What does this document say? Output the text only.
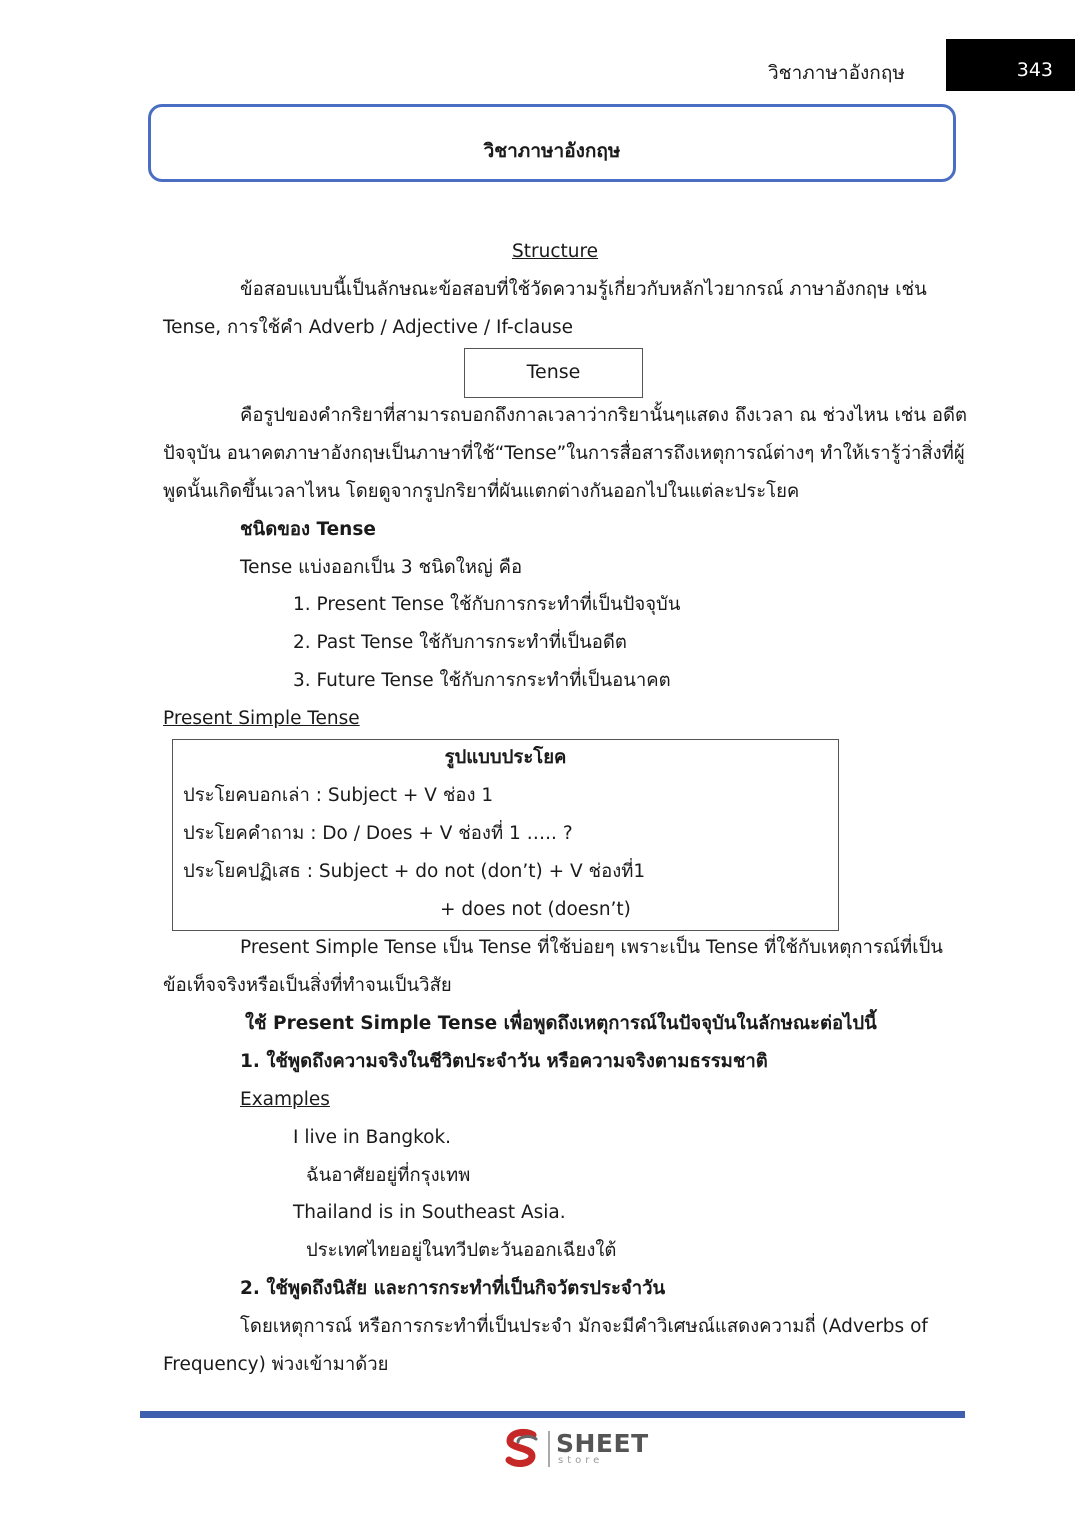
วิชาภาษาอังกฤษ	343
วิชาภาษาอังกฤษ
Structure
ข้อสอบแบบนี้เป็นลักษณะข้อสอบที่ใช้วัดความรู้เกี่ยวกับหลักไวยากรณ์ ภาษาอังกฤษ เช่น
Tense, การใช้คำ Adverb / Adjective / If-clause
Tense
คือรูปของคำกริยาที่สามารถบอกถึงกาลเวลาว่ากริยานั้นๆแสดง ถึงเวลา ณ ช่วงไหน เช่น อดีต
ปัจจุบัน อนาคตภาษาอังกฤษเป็นภาษาที่ใช้“Tense”ในการสื่อสารถึงเหตุการณ์ต่างๆ ทำให้เรารู้ว่าสิ่งที่ผู้
พูดนั้นเกิดขึ้นเวลาไหน โดยดูจากรูปกริยาที่ผันแตกต่างกันออกไปในแต่ละประโยค
ชนิดของ Tense
Tense แบ่งออกเป็น 3 ชนิดใหญ่ คือ
1. Present Tense ใช้กับการกระทำที่เป็นปัจจุบัน
2. Past Tense ใช้กับการกระทำที่เป็นอดีต
3. Future Tense ใช้กับการกระทำที่เป็นอนาคต
Present Simple Tense
รูปแบบประโยค
ประโยคบอกเล่า : Subject + V ช่อง 1
ประโยคคำถาม : Do / Does + V ช่องที่ 1 ….. ?
ประโยคปฏิเสธ : Subject + do not (don’t) + V ช่องที่1
+ does not (doesn’t)
Present Simple Tense เป็น Tense ที่ใช้บ่อยๆ เพราะเป็น Tense ที่ใช้กับเหตุการณ์ที่เป็น
ข้อเท็จจริงหรือเป็นสิ่งที่ทำจนเป็นวิสัย
ใช้ Present Simple Tense เพื่อพูดถึงเหตุการณ์ในปัจจุบันในลักษณะต่อไปนี้
1. ใช้พูดถึงความจริงในชีวิตประจำวัน หรือความจริงตามธรรมชาติ
Examples
I live in Bangkok.
ฉันอาศัยอยู่ที่กรุงเทพ
Thailand is in Southeast Asia.
ประเทศไทยอยู่ในทวีปตะวันออกเฉียงใต้
2. ใช้พูดถึงนิสัย และการกระทำที่เป็นกิจวัตรประจำวัน
โดยเหตุการณ์ หรือการกระทำที่เป็นประจำ มักจะมีคำวิเศษณ์แสดงความถี่ (Adverbs of
Frequency) พ่วงเข้ามาด้วย
SHEET
store
